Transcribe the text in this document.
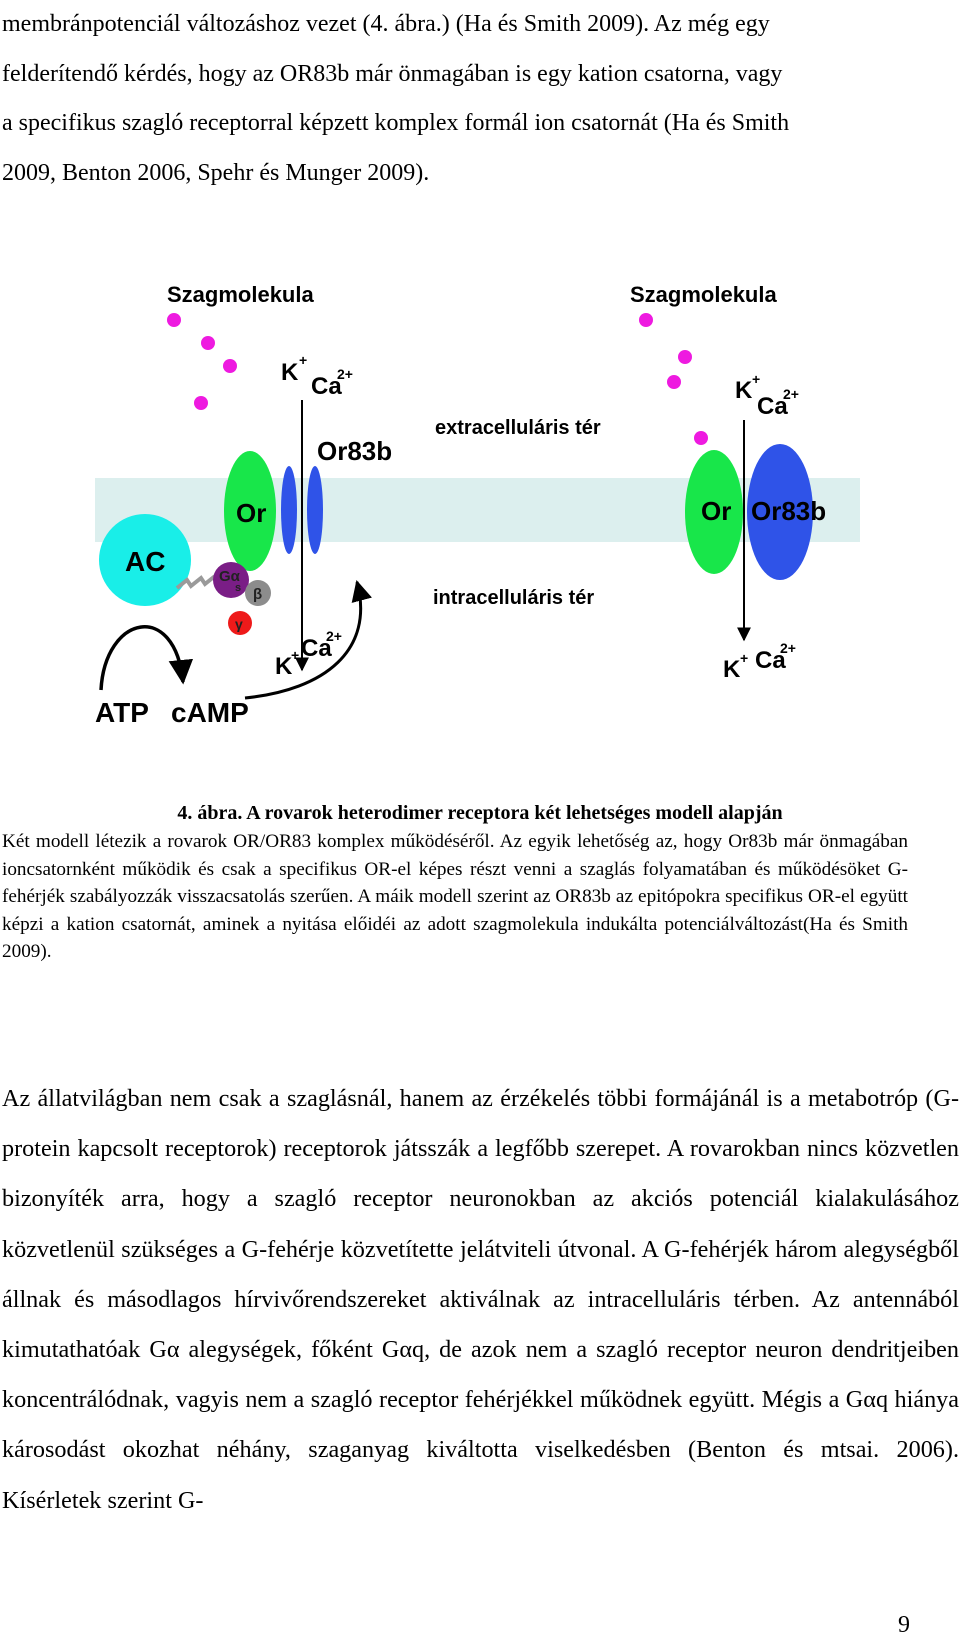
membránpotenciál változáshoz vezet (4. ábra.) (Ha és Smith 2009). Az még egy
felderítendő kérdés, hogy az OR83b már önmagában is egy kation csatorna, vagy
a specifikus szagló receptorral képzett komplex formál ion csatornát (Ha és Smith
2009, Benton 2006, Spehr és Munger 2009).

Szagmolekula
K +
Ca
2+
Or83b
Or
AC	Gα
s β
γ
K
+ Ca
2+
ATP cAMP
extracelluláris tér
intracelluláris tér
Szagmolekula
K +
Ca
2+
Or Or83b
K + Ca
2+

4. ábra. A rovarok heterodimer receptora két lehetséges modell alapján

Két modell létezik a rovarok OR/OR83 komplex működéséről. Az egyik lehetőség az, hogy Or83b már önmagában ioncsatornként működik és csak a specifikus OR-el képes részt venni a szaglás folyamatában és működésöket G-fehérjék szabályozzák visszacsatolás szerűen. A máik modell szerint az OR83b az epitópokra specifikus OR-el együtt képzi a kation csatornát, aminek a nyitása előidéi az adott szagmolekula indukálta potenciálváltozást(Ha és Smith 2009).

Az állatvilágban nem csak a szaglásnál, hanem az érzékelés többi formájánál is a metabotróp (G-protein kapcsolt receptorok) receptorok játsszák a legfőbb szerepet. A rovarokban nincs közvetlen bizonyíték arra, hogy a szagló receptor neuronokban az akciós potenciál kialakulásához közvetlenül szükséges a G-fehérje közvetítette jelátviteli útvonal. A G-fehérjék három alegységből állnak és másodlagos hírvivőrendszereket aktiválnak az intracelluláris térben. Az antennából kimutathatóak Gα alegységek, főként Gαq, de azok nem a szagló receptor neuron dendritjeiben koncentrálódnak, vagyis nem a szagló receptor fehérjékkel működnek együtt. Mégis a Gαq hiánya károsodást okozhat néhány, szaganyag kiváltotta viselkedésben (Benton és mtsai. 2006). Kísérletek szerint G-

9
